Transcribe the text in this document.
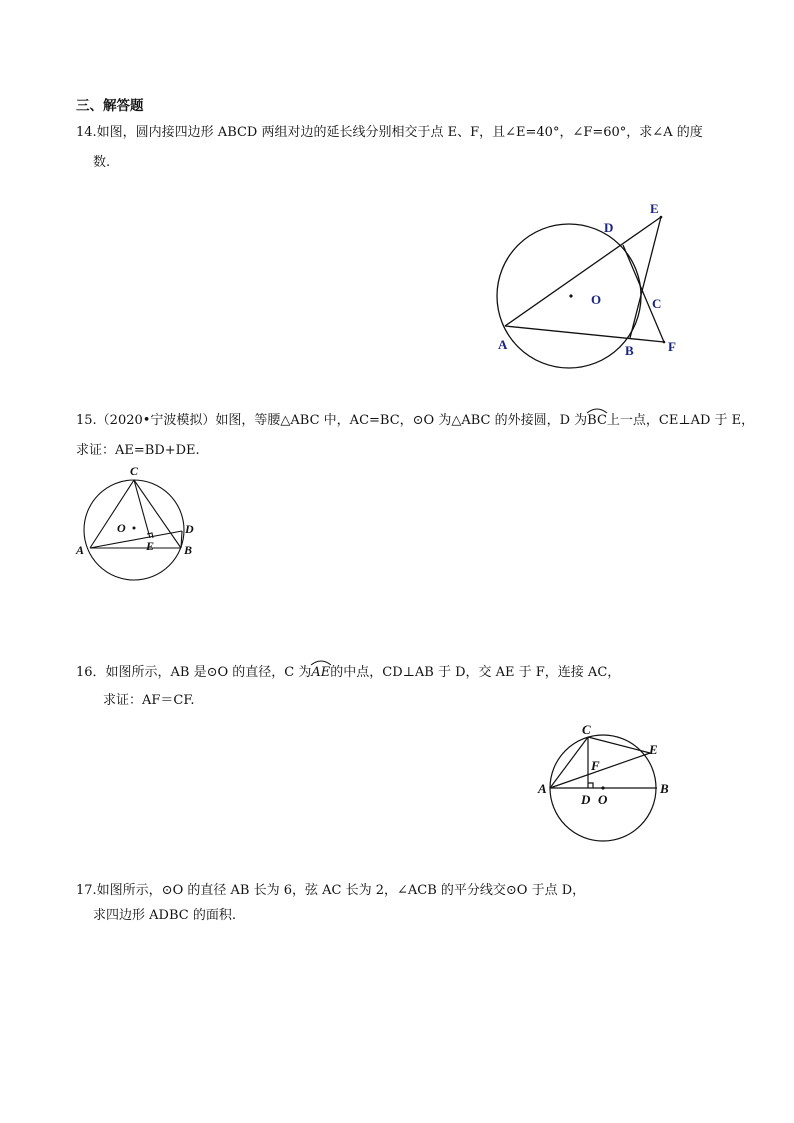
三、解答题
14.如图，圆内接四边形 ABCD 两组对边的延长线分别相交于点 E、F，且∠E=40°，∠F=60°，求∠A 的度
数.
E
D
O	C
A	B	F
15.（2020•宁波模拟）如图，等腰△ABC 中，AC=BC，⊙O 为△ABC 的外接圆，D 为
BC上一点，CE⊥AD 于 E，
求证：AE=BD+DE.
C
O	D
E
A	B
16．如图所示，AB 是⊙O 的直径，C 为
AE的中点，CD⊥AB 于 D，交 AE 于 F，连接 AC，
求证：AF＝CF.
C
E
F
A	B
D O
17.如图所示，⊙O 的直径 AB 长为 6，弦 AC 长为 2，∠ACB 的平分线交⊙O 于点 D，
求四边形 ADBC 的面积.
